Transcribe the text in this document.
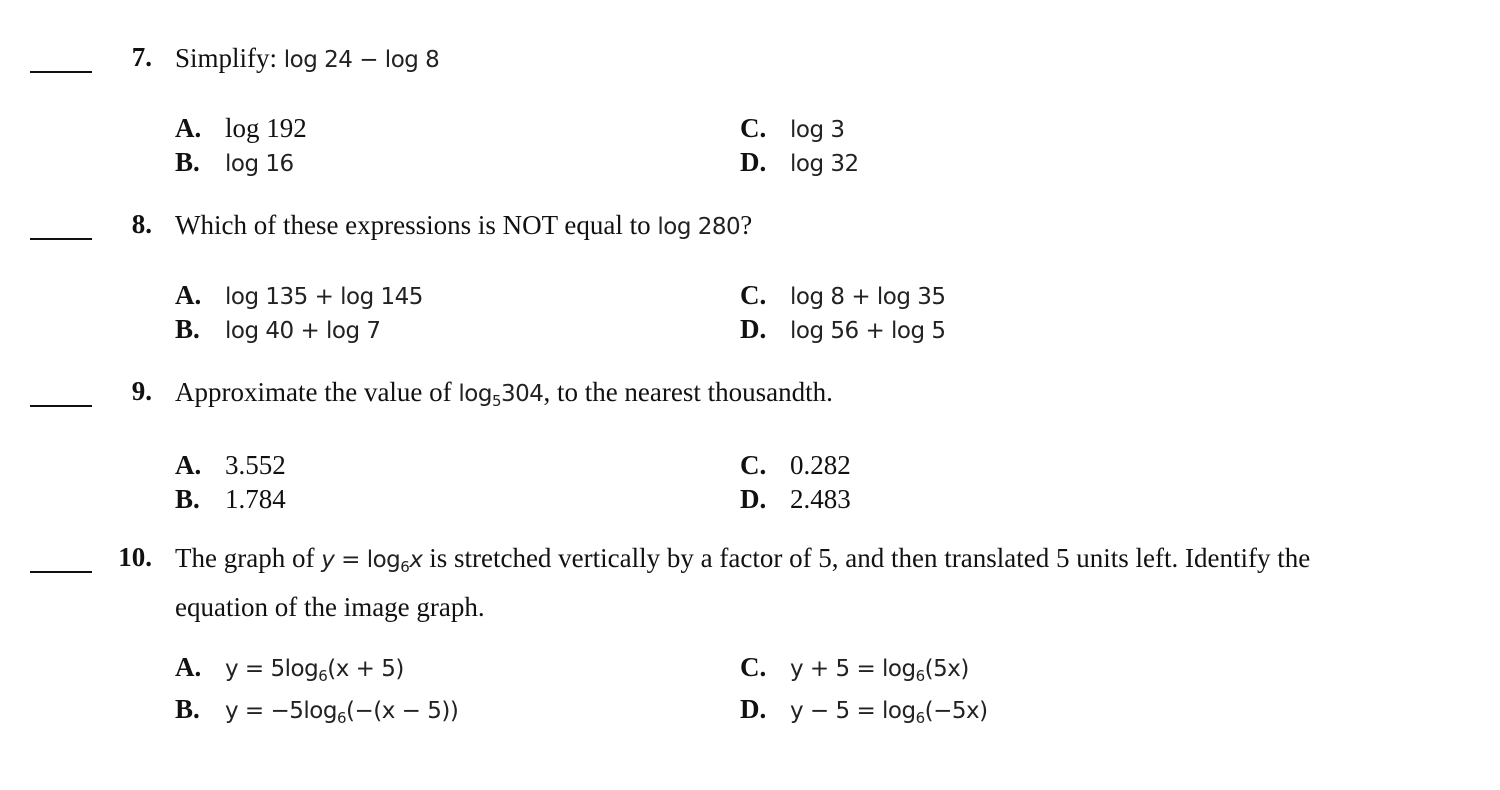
7. Simplify: log 24 − log 8
A. log 192	C. log 3
B. log 16	D. log 32
8. Which of these expressions is NOT equal to log 280?
A. log 135 + log 145	C. log 8 + log 35
B. log 40 + log 7	D. log 56 + log 5
9. Approximate the value of $\log_5304$, to the nearest thousandth.
A. 3.552	C. 0.282
B. 1.784	D. 2.483
10. The graph of $y = \log_6x$ is stretched vertically by a factor of 5, and then translated 5 units left. Identify the
equation of the image graph.
A. $y = 5\log_6(x + 5)$	C. $y + 5 = \log_6(5x)$
B. $y = -5\log_6(-(x - 5))$	D. $y - 5 = \log_6(-5x)$
